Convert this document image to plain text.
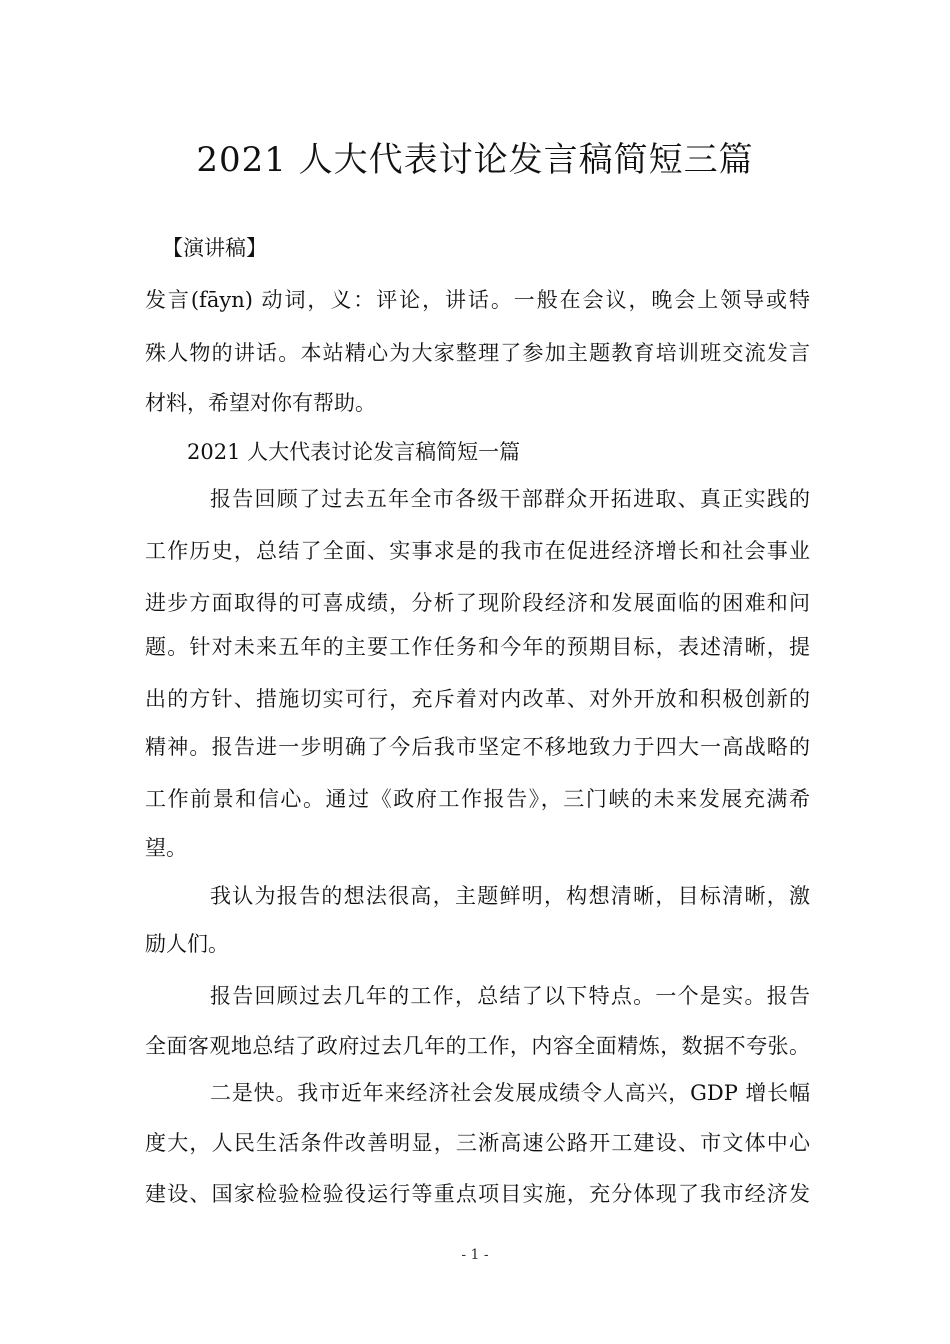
2021 人大代表讨论发言稿简短三篇
【演讲稿】
发言(fāyn) 动词，义：评论，讲话。一般在会议，晚会上领导或特
殊人物的讲话。本站精心为大家整理了参加主题教育培训班交流发言
材料，希望对你有帮助。
2021 人大代表讨论发言稿简短一篇
报告回顾了过去五年全市各级干部群众开拓进取、真正实践的
工作历史，总结了全面、实事求是的我市在促进经济增长和社会事业
进步方面取得的可喜成绩，分析了现阶段经济和发展面临的困难和问
题。针对未来五年的主要工作任务和今年的预期目标，表述清晰，提
出的方针、措施切实可行，充斥着对内改革、对外开放和积极创新的
精神。报告进一步明确了今后我市坚定不移地致力于四大一高战略的
工作前景和信心。通过《政府工作报告》，三门峡的未来发展充满希
望。
我认为报告的想法很高，主题鲜明，构想清晰，目标清晰，激
励人们。
报告回顾过去几年的工作，总结了以下特点。一个是实。报告
全面客观地总结了政府过去几年的工作，内容全面精炼，数据不夸张。
二是快。我市近年来经济社会发展成绩令人高兴，GDP 增长幅
度大，人民生活条件改善明显，三淅高速公路开工建设、市文体中心
建设、国家检验检验役运行等重点项目实施，充分体现了我市经济发
- 1 -
